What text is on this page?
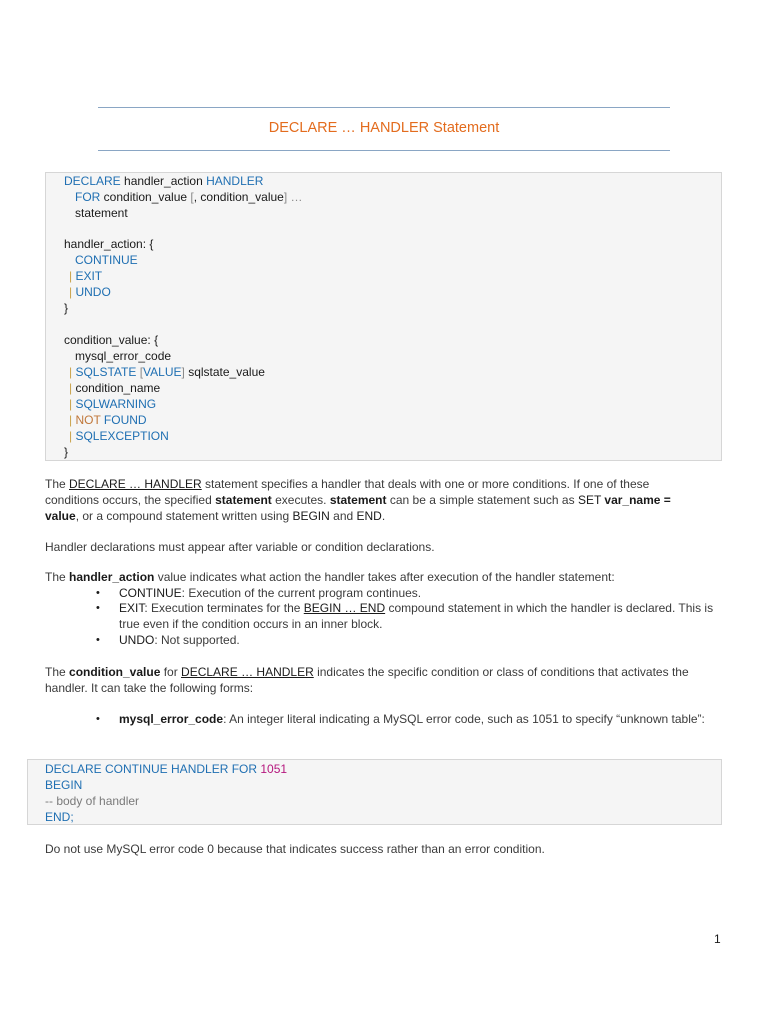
DECLARE … HANDLER Statement
DECLARE handler_action HANDLER
FOR condition_value [, condition_value] …
statement
handler_action: {
CONTINUE
| EXIT
| UNDO
}
condition_value: {
mysql_error_code
| SQLSTATE [VALUE] sqlstate_value
| condition_name
| SQLWARNING
| NOT FOUND
| SQLEXCEPTION
}
The DECLARE … HANDLER statement specifies a handler that deals with one or more conditions. If one of these conditions occurs, the specified statement executes. statement can be a simple statement such as SET var_name = value, or a compound statement written using BEGIN and END.
Handler declarations must appear after variable or condition declarations.
The handler_action value indicates what action the handler takes after execution of the handler statement:
• CONTINUE: Execution of the current program continues.
• EXIT: Execution terminates for the BEGIN … END compound statement in which the handler is declared. This is true even if the condition occurs in an inner block.
• UNDO: Not supported.
The condition_value for DECLARE … HANDLER indicates the specific condition or class of conditions that activates the handler. It can take the following forms:
• mysql_error_code: An integer literal indicating a MySQL error code, such as 1051 to specify “unknown table”:
DECLARE CONTINUE HANDLER FOR 1051
BEGIN
-- body of handler
END;
Do not use MySQL error code 0 because that indicates success rather than an error condition.
1
